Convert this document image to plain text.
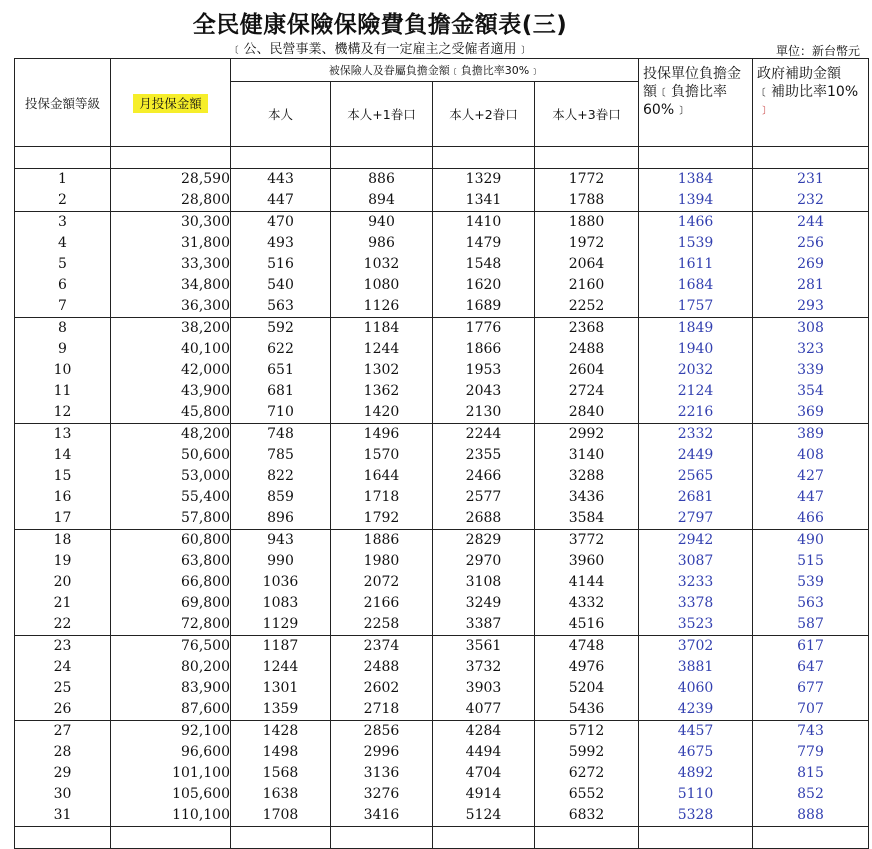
全民健康保險保險費負擔金額表(三)
﹝公、民營事業、機構及有一定雇主之受僱者適用﹞	單位：新台幣元
投保金額等級	月投保金額	被保險人及眷屬負擔金額﹝負擔比率30%﹞				投保單位負擔金額﹝負擔比率60%﹞	政府補助金額﹝補助比率10%
﹞
		本人	本人+1眷口	本人+2眷口	本人+3眷口		

1	28,590	443	886	1329	1772	1384	231
2	28,800	447	894	1341	1788	1394	232
3	30,300	470	940	1410	1880	1466	244
4	31,800	493	986	1479	1972	1539	256
5	33,300	516	1032	1548	2064	1611	269
6	34,800	540	1080	1620	2160	1684	281
7	36,300	563	1126	1689	2252	1757	293
8	38,200	592	1184	1776	2368	1849	308
9	40,100	622	1244	1866	2488	1940	323
10	42,000	651	1302	1953	2604	2032	339
11	43,900	681	1362	2043	2724	2124	354
12	45,800	710	1420	2130	2840	2216	369
13	48,200	748	1496	2244	2992	2332	389
14	50,600	785	1570	2355	3140	2449	408
15	53,000	822	1644	2466	3288	2565	427
16	55,400	859	1718	2577	3436	2681	447
17	57,800	896	1792	2688	3584	2797	466
18	60,800	943	1886	2829	3772	2942	490
19	63,800	990	1980	2970	3960	3087	515
20	66,800	1036	2072	3108	4144	3233	539
21	69,800	1083	2166	3249	4332	3378	563
22	72,800	1129	2258	3387	4516	3523	587
23	76,500	1187	2374	3561	4748	3702	617
24	80,200	1244	2488	3732	4976	3881	647
25	83,900	1301	2602	3903	5204	4060	677
26	87,600	1359	2718	4077	5436	4239	707
27	92,100	1428	2856	4284	5712	4457	743
28	96,600	1498	2996	4494	5992	4675	779
29	101,100	1568	3136	4704	6272	4892	815
30	105,600	1638	3276	4914	6552	5110	852
31	110,100	1708	3416	5124	6832	5328	888
